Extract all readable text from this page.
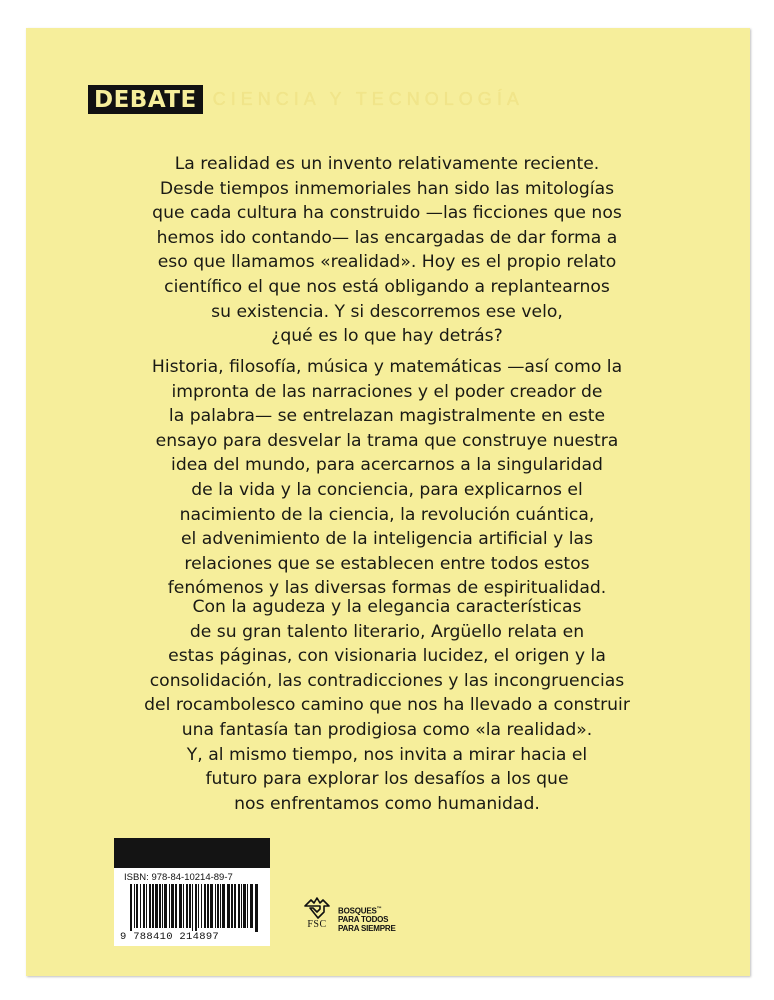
DEBATE CIENCIA Y TECNOLOGÍA
La realidad es un invento relativamente reciente.
Desde tiempos inmemoriales han sido las mitologías
que cada cultura ha construido —las ficciones que nos
hemos ido contando— las encargadas de dar forma a
eso que llamamos «realidad». Hoy es el propio relato
científico el que nos está obligando a replantearnos
su existencia. Y si descorremos ese velo,
¿qué es lo que hay detrás?
Historia, filosofía, música y matemáticas —así como la
impronta de las narraciones y el poder creador de
la palabra— se entrelazan magistralmente en este
ensayo para desvelar la trama que construye nuestra
idea del mundo, para acercarnos a la singularidad
de la vida y la conciencia, para explicarnos el
nacimiento de la ciencia, la revolución cuántica,
el advenimiento de la inteligencia artificial y las
relaciones que se establecen entre todos estos
fenómenos y las diversas formas de espiritualidad.
Con la agudeza y la elegancia características
de su gran talento literario, Argüello relata en
estas páginas, con visionaria lucidez, el origen y la
consolidación, las contradicciones y las incongruencias
del rocambolesco camino que nos ha llevado a construir
una fantasía tan prodigiosa como «la realidad».
Y, al mismo tiempo, nos invita a mirar hacia el
futuro para explorar los desafíos a los que
nos enfrentamos como humanidad.
ISBN: 978-84-10214-89-7
9 788410 214897
FSC
BOSQUES™
PARA TODOS
PARA SIEMPRE
